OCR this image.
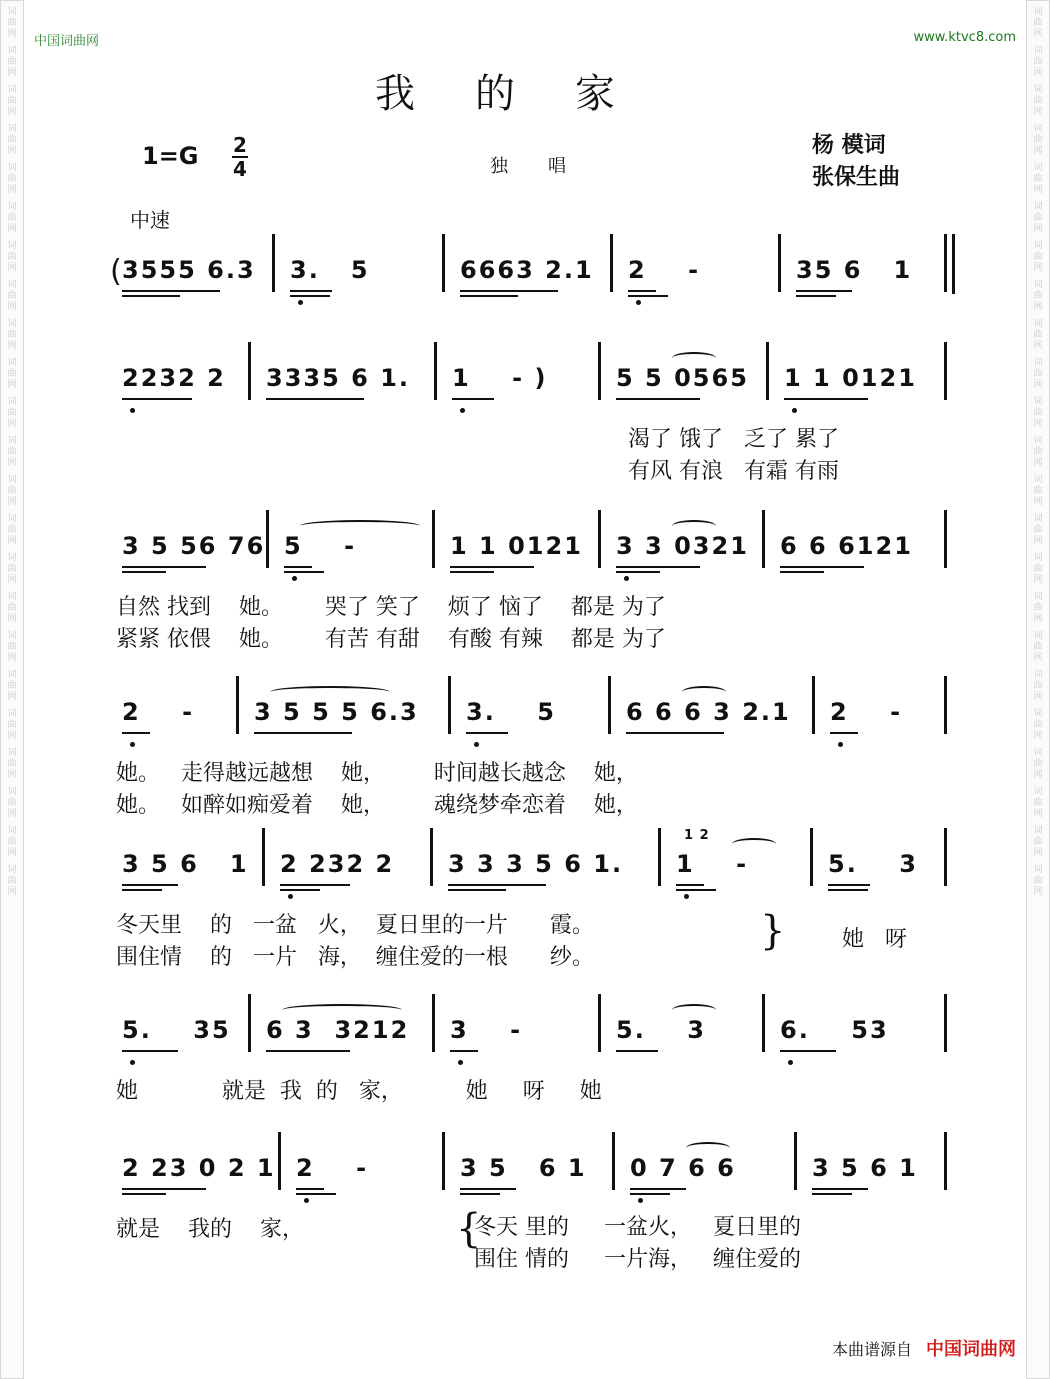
词
曲
网
词
曲
网
词
曲
网
词
曲
网
词
曲
网
词
曲
网
词
曲
网
词
曲
网
词
曲
网
词
曲
网
词
曲
网
词
曲
网
词
曲
网
词
曲
网
词
曲
网
词
曲
网
词
曲
网
词
曲
网
词
曲
网
词
曲
网
词
曲
网
词
曲
网
词
曲
网
词
曲
网
词
曲
网
词
曲
网
词
曲
网
词
曲
网
词
曲
网
词
曲
网
词
曲
网
词
曲
网
词
曲
网
词
曲
网
词
曲
网
词
曲
网
词
曲
网
词
曲
网
词
曲
网
词
曲
网
词
曲
网
词
曲
网
词
曲
网
词
曲
网
词
曲
网
词
曲
网
中国词曲网	www.ktvc8.com
我的家
1=G 2
4	独唱
杨 模词
张保生曲
中速
3555 6.3 3.   5	6663 2.1 2    -	35 6   1
2232 2 3335 6 1. 1    - )	5 5 0565 1 1 0121
渴了 饿了   乏了 累了
有风 有浪   有霜 有雨
3 5 56 76 5    -	1 1 0121 3 3 0321 6 6 6121
自然 找到    她。      哭了 笑了    烦了 恼了    都是 为了
紧紧 依偎    她。      有苦 有甜    有酸 有辣    都是 为了
2    - 3 5 5 5 6.3 3.    5	6 6 6 3 2.1 2    -
她。   走得越远越想    她，       时间越长越念    她，
她。   如醉如痴爱着    她，       魂绕梦牵恋着    她，
3 5 6   1 2 232 2 3 3 3 5 6 1. 1    -	5.    3
冬天里    的   一盆   火，  夏日里的一片      霞。
围住情    的   一片   海，  缠住爱的一根      纱。
5.    35 6 3  3212 3    -	5.    3	6.    53
她            就是  我  的   家，         她     呀     她
2 23 0 2 1 2    -	3 5   6 1 0 7 6 6	3 5 6 1
就是    我的    家，
(
她   呀
冬天 里的     一盆火，   夏日里的
围住 情的     一片海，   缠住爱的
{
}
1 2
本曲谱源自 中国词曲网
